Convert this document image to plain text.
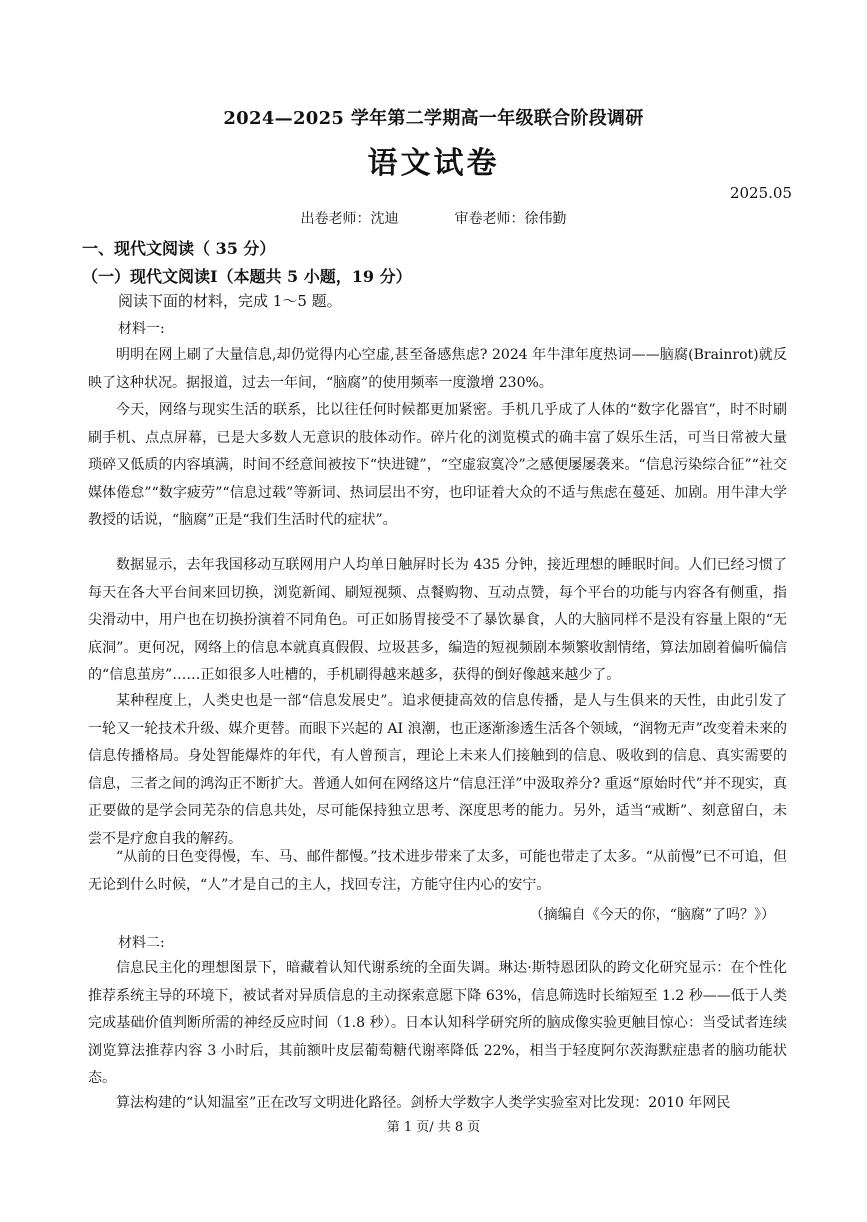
2024—2025 学年第二学期高一年级联合阶段调研
语文试卷
2025.05
出卷老师：沈迪	审卷老师：徐伟勤
一、现代文阅读（ 35 分）
（一）现代文阅读Ⅰ（本题共 5 小题，19 分）
阅读下面的材料，完成 1～5 题。
材料一:

明明在网上刷了大量信息,却仍觉得内心空虚,甚至备感焦虑? 2024 年牛津年度热词——脑腐(Brainrot)就反映了这种状况。据报道，过去一年间，“脑腐”的使用频率一度激增 230%。

今天，网络与现实生活的联系，比以往任何时候都更加紧密。手机几乎成了人体的“数字化器官”，时不时刷刷手机、点点屏幕，已是大多数人无意识的肢体动作。碎片化的浏览模式的确丰富了娱乐生活，可当日常被大量琐碎又低质的内容填满，时间不经意间被按下“快进键”，“空虚寂寞冷”之感便屡屡袭来。“信息污染综合征”“社交媒体倦怠”“数字疲劳”“信息过载”等新词、热词层出不穷，也印证着大众的不适与焦虑在蔓延、加剧。用牛津大学教授的话说，“脑腐”正是“我们生活时代的症状”。

数据显示，去年我国移动互联网用户人均单日触屏时长为 435 分钟，接近理想的睡眠时间。人们已经习惯了每天在各大平台间来回切换，浏览新闻、刷短视频、点餐购物、互动点赞，每个平台的功能与内容各有侧重，指尖滑动中，用户也在切换扮演着不同角色。可正如肠胃接受不了暴饮暴食，人的大脑同样不是没有容量上限的“无底洞”。更何况，网络上的信息本就真真假假、垃圾甚多，编造的短视频剧本频繁收割情绪，算法加剧着偏听偏信的“信息茧房”……正如很多人吐槽的，手机刷得越来越多，获得的倒好像越来越少了。

某种程度上，人类史也是一部“信息发展史”。追求便捷高效的信息传播，是人与生俱来的天性，由此引发了一轮又一轮技术升级、媒介更替。而眼下兴起的 AI 浪潮，也正逐渐渗透生活各个领域，“润物无声”改变着未来的信息传播格局。身处智能爆炸的年代，有人曾预言，理论上未来人们接触到的信息、吸收到的信息、真实需要的信息，三者之间的鸿沟正不断扩大。普通人如何在网络这片“信息汪洋”中汲取养分? 重返“原始时代”并不现实，真正要做的是学会同芜杂的信息共处，尽可能保持独立思考、深度思考的能力。另外，适当“戒断”、刻意留白，未尝不是疗愈自我的解药。

“从前的日色变得慢，车、马、邮件都慢。”技术进步带来了太多，可能也带走了太多。“从前慢”已不可追，但无论到什么时候，“人”才是自己的主人，找回专注，方能守住内心的安宁。

（摘编自《今天的你，“脑腐”了吗？》）
材料二:

信息民主化的理想图景下，暗藏着认知代谢系统的全面失调。琳达·斯特恩团队的跨文化研究显示：在个性化推荐系统主导的环境下，被试者对异质信息的主动探索意愿下降 63%，信息筛选时长缩短至 1.2 秒——低于人类完成基础价值判断所需的神经反应时间（1.8 秒）。日本认知科学研究所的脑成像实验更触目惊心：当受试者连续浏览算法推荐内容 3 小时后，其前额叶皮层葡萄糖代谢率降低 22%，相当于轻度阿尔茨海默症患者的脑功能状态。

算法构建的“认知温室”正在改写文明进化路径。剑桥大学数字人类学实验室对比发现：2010 年网民

第 1 页/ 共 8 页
